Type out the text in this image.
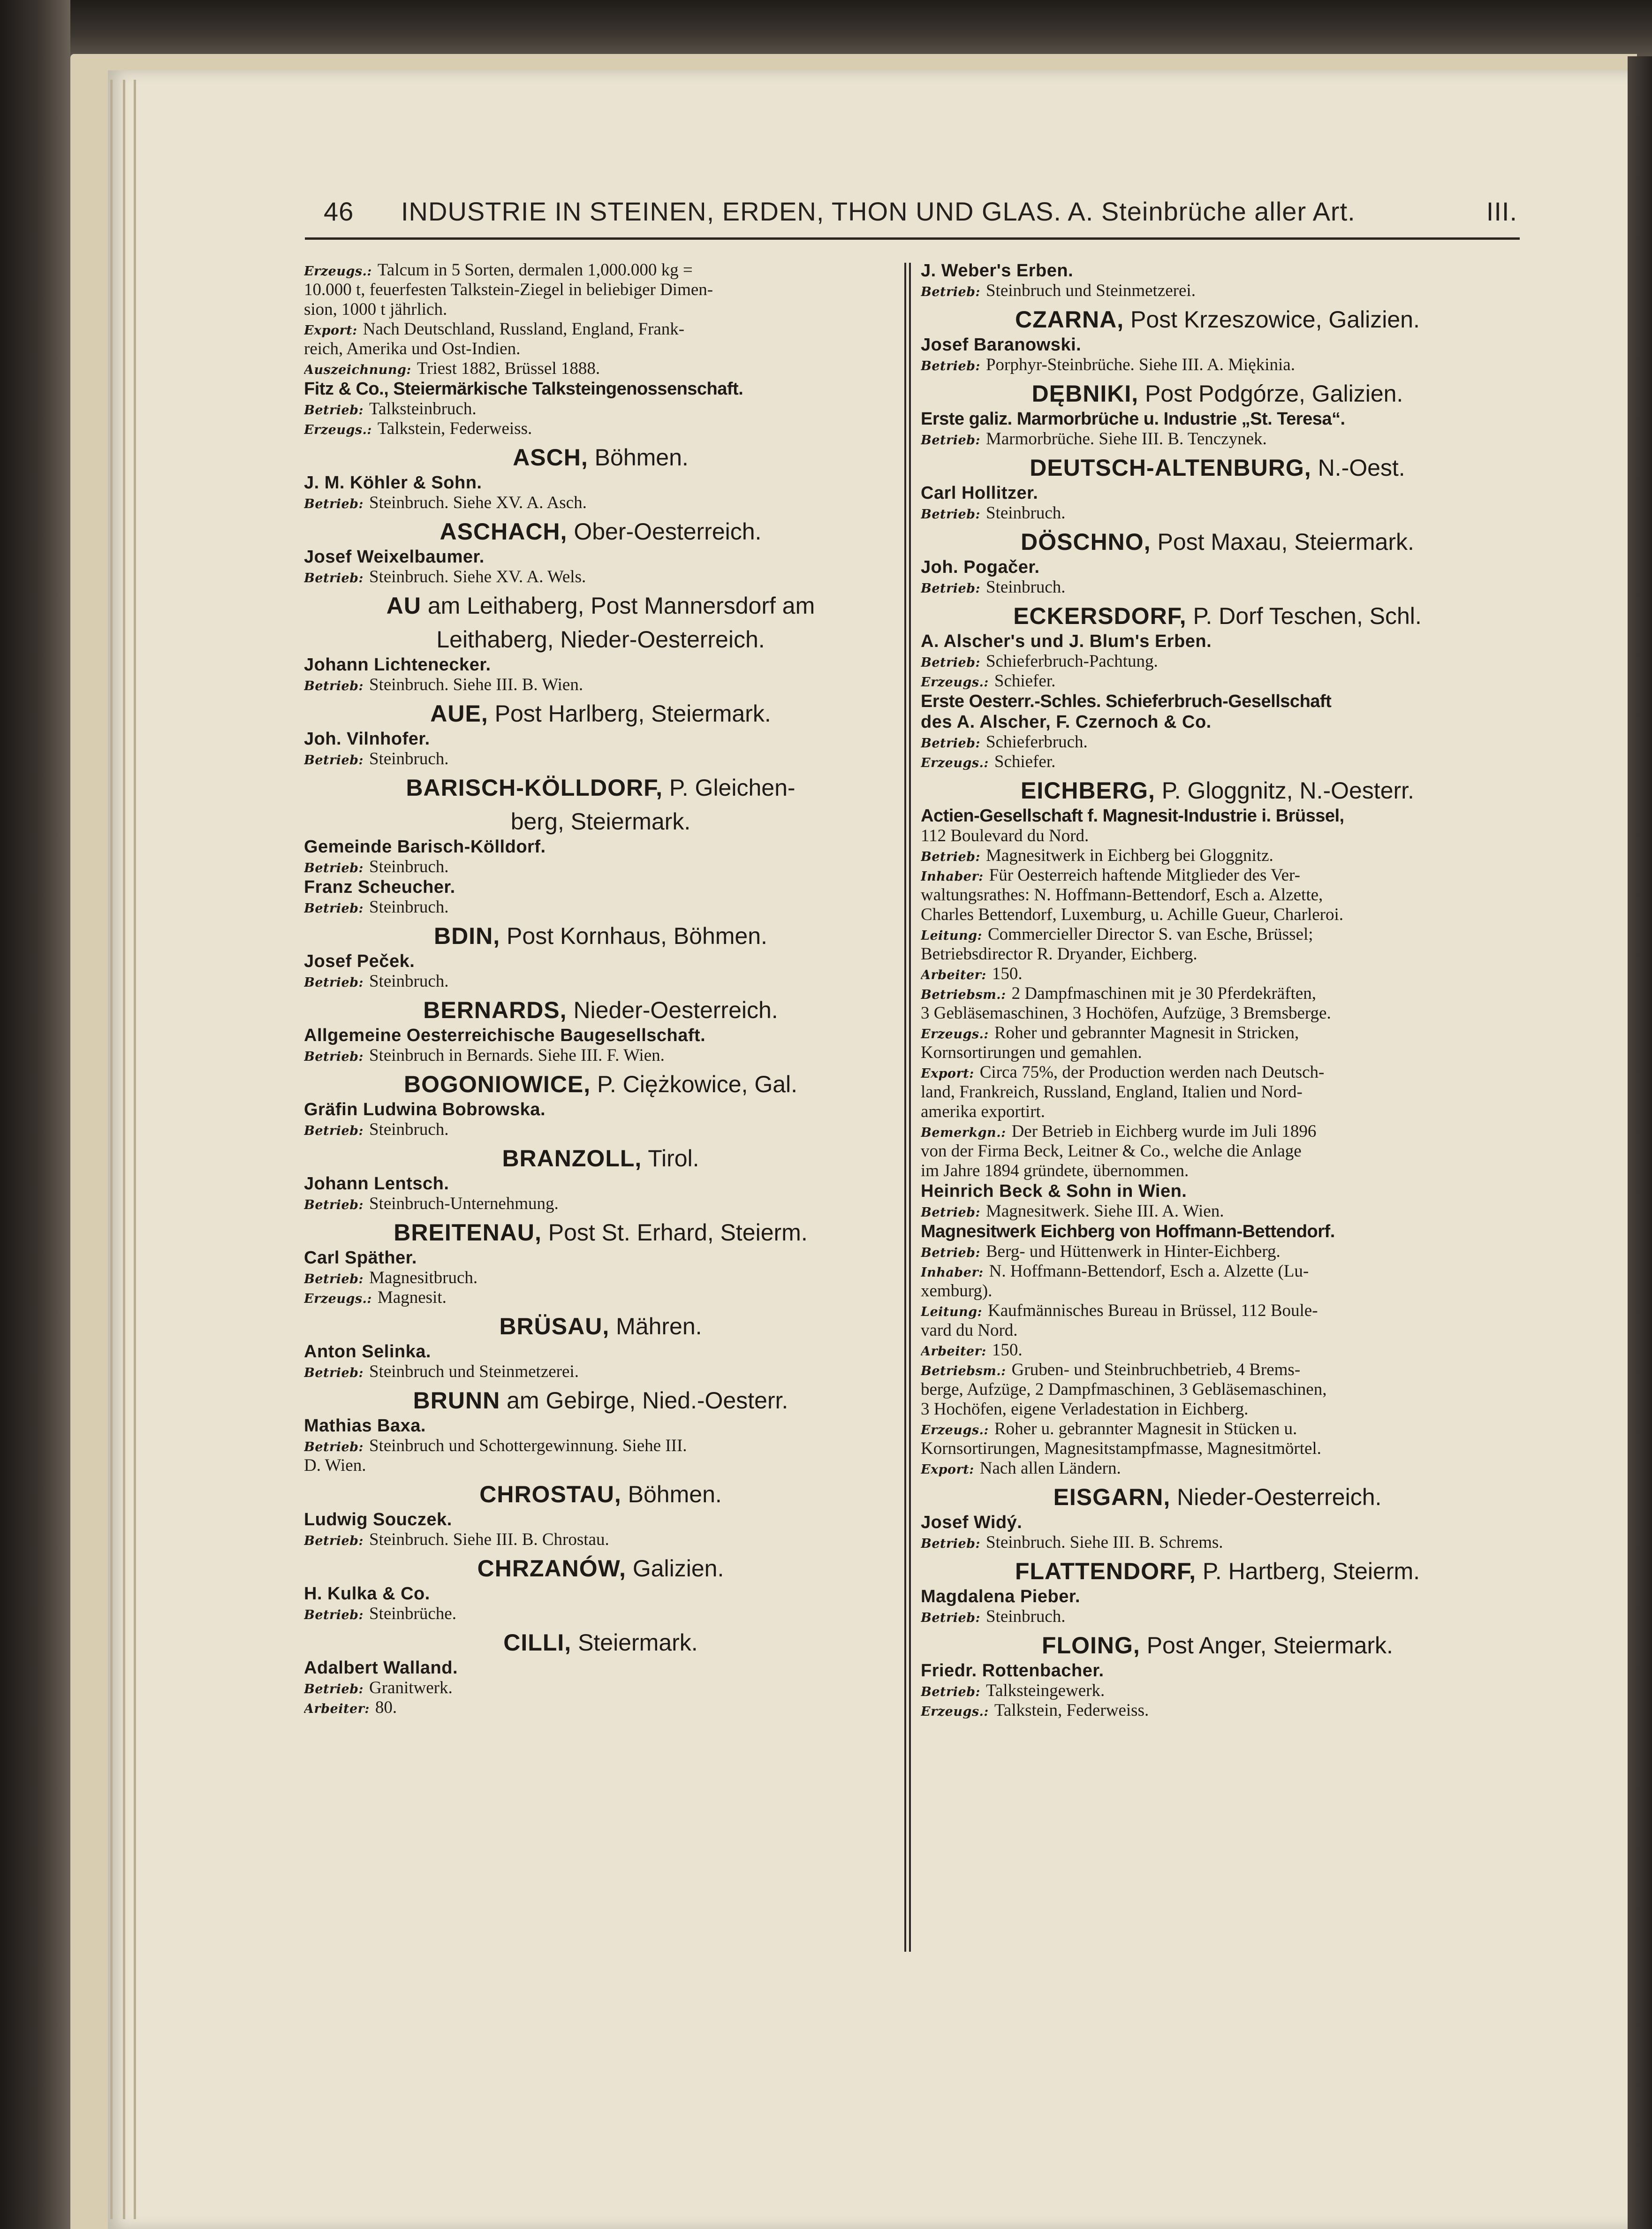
46 INDUSTRIE IN STEINEN, ERDEN, THON UND GLAS. A. Steinbrüche aller Art.	III.
Erzeugs.: Talcum in 5 Sorten, dermalen 1,000.000 kg =
10.000 t, feuerfesten Talkstein-Ziegel in beliebiger Dimen-
sion, 1000 t jährlich.
Export: Nach Deutschland, Russland, England, Frank-
reich, Amerika und Ost-Indien.
Auszeichnung: Triest 1882, Brüssel 1888.
Fitz & Co., Steiermärkische Talksteingenossenschaft.
Betrieb: Talksteinbruch.
Erzeugs.: Talkstein, Federweiss.
ASCH, Böhmen.
J. M. Köhler & Sohn.
Betrieb: Steinbruch. Siehe XV. A. Asch.
ASCHACH, Ober-Oesterreich.
Josef Weixelbaumer.
Betrieb: Steinbruch. Siehe XV. A. Wels.
AU am Leithaberg, Post Mannersdorf am
Leithaberg, Nieder-Oesterreich.
Johann Lichtenecker.
Betrieb: Steinbruch. Siehe III. B. Wien.
AUE, Post Harlberg, Steiermark.
Joh. Vilnhofer.
Betrieb: Steinbruch.
BARISCH-KÖLLDORF, P. Gleichen-
berg, Steiermark.
Gemeinde Barisch-Kölldorf.
Betrieb: Steinbruch.
Franz Scheucher.
Betrieb: Steinbruch.
BDIN, Post Kornhaus, Böhmen.
Josef Peček.
Betrieb: Steinbruch.
BERNARDS, Nieder-Oesterreich.
Allgemeine Oesterreichische Baugesellschaft.
Betrieb: Steinbruch in Bernards. Siehe III. F. Wien.
BOGONIOWICE, P. Ciężkowice, Gal.
Gräfin Ludwina Bobrowska.
Betrieb: Steinbruch.
BRANZOLL, Tirol.
Johann Lentsch.
Betrieb: Steinbruch-Unternehmung.
BREITENAU, Post St. Erhard, Steierm.
Carl Späther.
Betrieb: Magnesitbruch.
Erzeugs.: Magnesit.
BRÜSAU, Mähren.
Anton Selinka.
Betrieb: Steinbruch und Steinmetzerei.
BRUNN am Gebirge, Nied.-Oesterr.
Mathias Baxa.
Betrieb: Steinbruch und Schottergewinnung. Siehe III.
D. Wien.
CHROSTAU, Böhmen.
Ludwig Souczek.
Betrieb: Steinbruch. Siehe III. B. Chrostau.
CHRZANÓW, Galizien.
H. Kulka & Co.
Betrieb: Steinbrüche.
CILLI, Steiermark.
Adalbert Walland.
Betrieb: Granitwerk.
Arbeiter: 80.
J. Weber's Erben.
Betrieb: Steinbruch und Steinmetzerei.
CZARNA, Post Krzeszowice, Galizien.
Josef Baranowski.
Betrieb: Porphyr-Steinbrüche. Siehe III. A. Miękinia.
DĘBNIKI, Post Podgórze, Galizien.
Erste galiz. Marmorbrüche u. Industrie „St. Teresa“.
Betrieb: Marmorbrüche. Siehe III. B. Tenczynek.
DEUTSCH-ALTENBURG, N.-Oest.
Carl Hollitzer.
Betrieb: Steinbruch.
DÖSCHNO, Post Maxau, Steiermark.
Joh. Pogačer.
Betrieb: Steinbruch.
ECKERSDORF, P. Dorf Teschen, Schl.
A. Alscher's und J. Blum's Erben.
Betrieb: Schieferbruch-Pachtung.
Erzeugs.: Schiefer.
Erste Oesterr.-Schles. Schieferbruch-Gesellschaft
des A. Alscher, F. Czernoch & Co.
Betrieb: Schieferbruch.
Erzeugs.: Schiefer.
EICHBERG, P. Gloggnitz, N.-Oesterr.
Actien-Gesellschaft f. Magnesit-Industrie i. Brüssel,
112 Boulevard du Nord.
Betrieb: Magnesitwerk in Eichberg bei Gloggnitz.
Inhaber: Für Oesterreich haftende Mitglieder des Ver-
waltungsrathes: N. Hoffmann-Bettendorf, Esch a. Alzette,
Charles Bettendorf, Luxemburg, u. Achille Gueur, Charleroi.
Leitung: Commercieller Director S. van Esche, Brüssel;
Betriebsdirector R. Dryander, Eichberg.
Arbeiter: 150.
Betriebsm.: 2 Dampfmaschinen mit je 30 Pferdekräften,
3 Gebläsemaschinen, 3 Hochöfen, Aufzüge, 3 Bremsberge.
Erzeugs.: Roher und gebrannter Magnesit in Stricken,
Kornsortirungen und gemahlen.
Export: Circa 75%, der Production werden nach Deutsch-
land, Frankreich, Russland, England, Italien und Nord-
amerika exportirt.
Bemerkgn.: Der Betrieb in Eichberg wurde im Juli 1896
von der Firma Beck, Leitner & Co., welche die Anlage
im Jahre 1894 gründete, übernommen.
Heinrich Beck & Sohn in Wien.
Betrieb: Magnesitwerk. Siehe III. A. Wien.
Magnesitwerk Eichberg von Hoffmann-Bettendorf.
Betrieb: Berg- und Hüttenwerk in Hinter-Eichberg.
Inhaber: N. Hoffmann-Bettendorf, Esch a. Alzette (Lu-
xemburg).
Leitung: Kaufmännisches Bureau in Brüssel, 112 Boule-
vard du Nord.
Arbeiter: 150.
Betriebsm.: Gruben- und Steinbruchbetrieb, 4 Brems-
berge, Aufzüge, 2 Dampfmaschinen, 3 Gebläsemaschinen,
3 Hochöfen, eigene Verladestation in Eichberg.
Erzeugs.: Roher u. gebrannter Magnesit in Stücken u.
Kornsortirungen, Magnesitstampfmasse, Magnesitmörtel.
Export: Nach allen Ländern.
EISGARN, Nieder-Oesterreich.
Josef Widý.
Betrieb: Steinbruch. Siehe III. B. Schrems.
FLATTENDORF, P. Hartberg, Steierm.
Magdalena Pieber.
Betrieb: Steinbruch.
FLOING, Post Anger, Steiermark.
Friedr. Rottenbacher.
Betrieb: Talksteingewerk.
Erzeugs.: Talkstein, Federweiss.
